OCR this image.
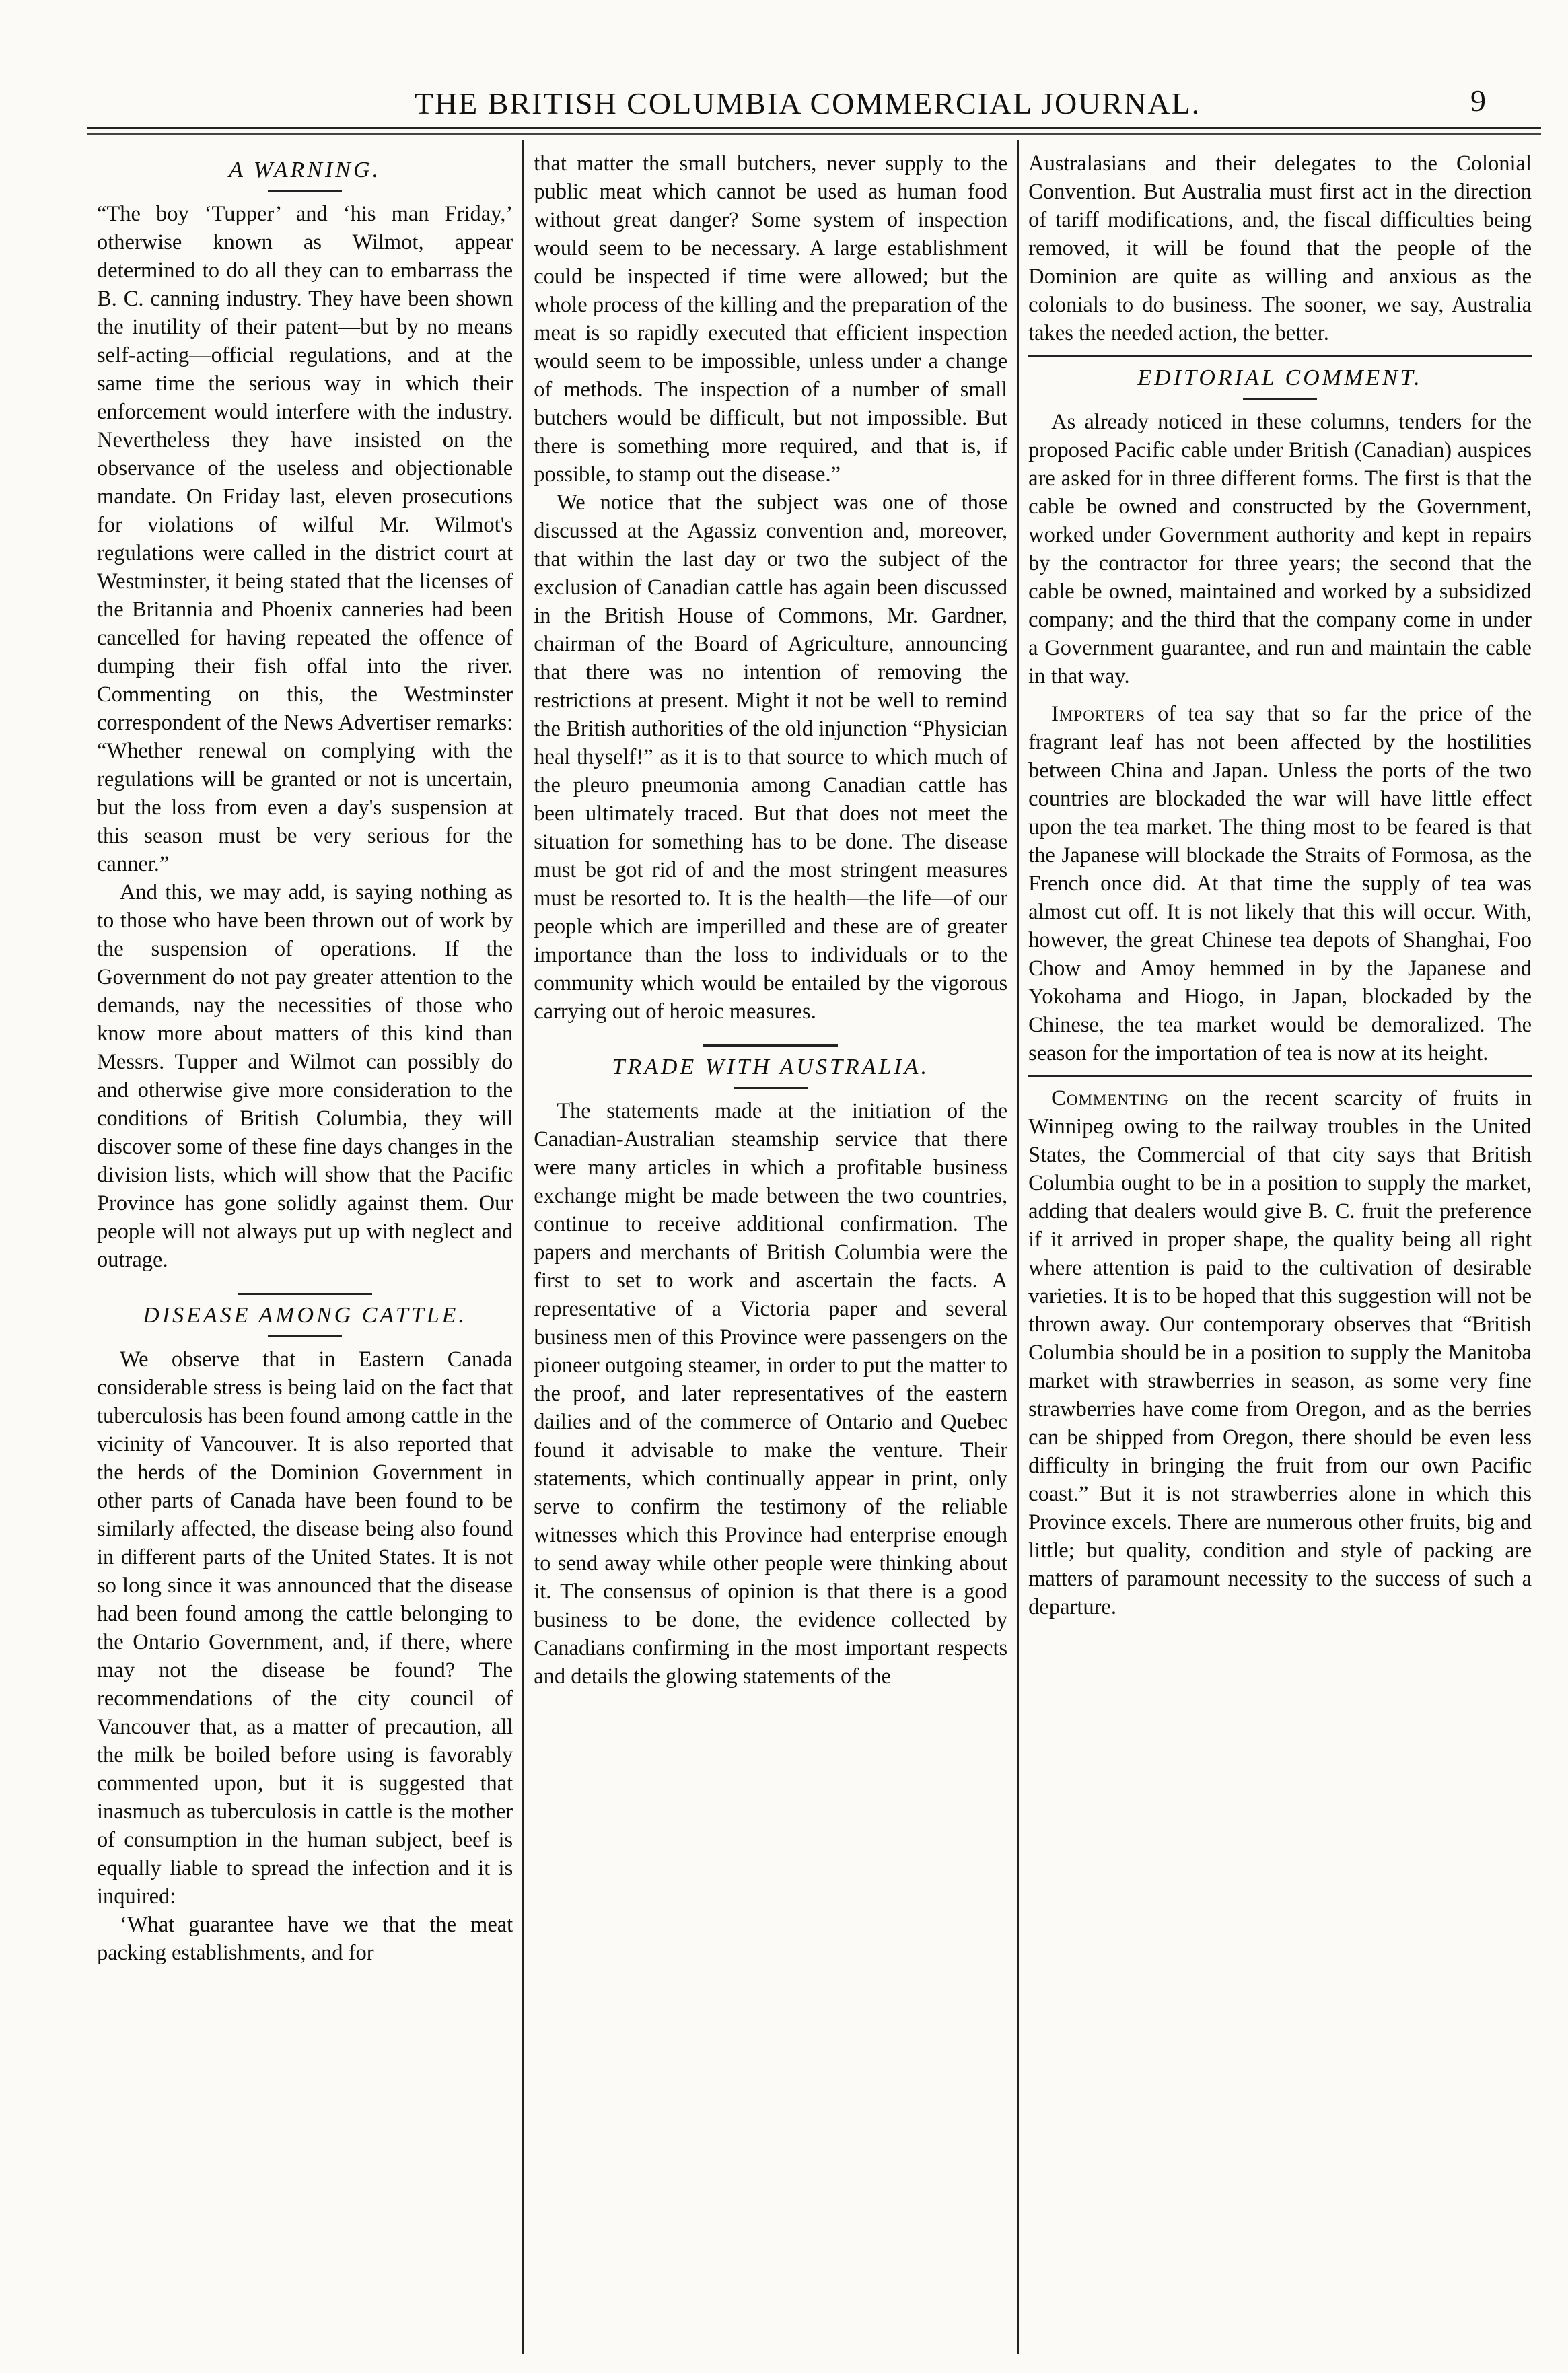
THE BRITISH COLUMBIA COMMERCIAL JOURNAL.	9
A WARNING.

“The boy ‘Tupper’ and ‘his man Friday,’ otherwise known as Wilmot, appear determined to do all they can to embarrass the B. C. canning industry. They have been shown the inutility of their patent—but by no means self-acting—official regulations, and at the same time the serious way in which their enforcement would interfere with the industry. Nevertheless they have insisted on the observance of the useless and objectionable mandate. On Friday last, eleven prosecutions for violations of wilful Mr. Wilmot's regulations were called in the district court at Westminster, it being stated that the licenses of the Britannia and Phoenix canneries had been cancelled for having repeated the offence of dumping their fish offal into the river. Commenting on this, the Westminster correspondent of the News Advertiser remarks: “Whether renewal on complying with the regulations will be granted or not is uncertain, but the loss from even a day's suspension at this season must be very serious for the canner.”

And this, we may add, is saying nothing as to those who have been thrown out of work by the suspension of operations. If the Government do not pay greater attention to the demands, nay the necessities of those who know more about matters of this kind than Messrs. Tupper and Wilmot can possibly do and otherwise give more consideration to the conditions of British Columbia, they will discover some of these fine days changes in the division lists, which will show that the Pacific Province has gone solidly against them. Our people will not always put up with neglect and outrage.

DISEASE AMONG CATTLE.

We observe that in Eastern Canada considerable stress is being laid on the fact that tuberculosis has been found among cattle in the vicinity of Vancouver. It is also reported that the herds of the Dominion Government in other parts of Canada have been found to be similarly affected, the disease being also found in different parts of the United States. It is not so long since it was announced that the disease had been found among the cattle belonging to the Ontario Government, and, if there, where may not the disease be found? The recommendations of the city council of Vancouver that, as a matter of precaution, all the milk be boiled before using is favorably commented upon, but it is suggested that inasmuch as tuberculosis in cattle is the mother of consumption in the human subject, beef is equally liable to spread the infection and it is inquired:

‘What guarantee have we that the meat packing establishments, and for

that matter the small butchers, never supply to the public meat which cannot be used as human food without great danger? Some system of inspection would seem to be necessary. A large establishment could be inspected if time were allowed; but the whole process of the killing and the preparation of the meat is so rapidly executed that efficient inspection would seem to be impossible, unless under a change of methods. The inspection of a number of small butchers would be difficult, but not impossible. But there is something more required, and that is, if possible, to stamp out the disease.”

We notice that the subject was one of those discussed at the Agassiz convention and, moreover, that within the last day or two the subject of the exclusion of Canadian cattle has again been discussed in the British House of Commons, Mr. Gardner, chairman of the Board of Agriculture, announcing that there was no intention of removing the restrictions at present. Might it not be well to remind the British authorities of the old injunction “Physician heal thyself!” as it is to that source to which much of the pleuro pneumonia among Canadian cattle has been ultimately traced. But that does not meet the situation for something has to be done. The disease must be got rid of and the most stringent measures must be resorted to. It is the health—the life—of our people which are imperilled and these are of greater importance than the loss to individuals or to the community which would be entailed by the vigorous carrying out of heroic measures.

TRADE WITH AUSTRALIA.

The statements made at the initiation of the Canadian-Australian steamship service that there were many articles in which a profitable business exchange might be made between the two countries, continue to receive additional confirmation. The papers and merchants of British Columbia were the first to set to work and ascertain the facts. A representative of a Victoria paper and several business men of this Province were passengers on the pioneer outgoing steamer, in order to put the matter to the proof, and later representatives of the eastern dailies and of the commerce of Ontario and Quebec found it advisable to make the venture. Their statements, which continually appear in print, only serve to confirm the testimony of the reliable witnesses which this Province had enterprise enough to send away while other people were thinking about it. The consensus of opinion is that there is a good business to be done, the evidence collected by Canadians confirming in the most important respects and details the glowing statements of the

Australasians and their delegates to the Colonial Convention. But Australia must first act in the direction of tariff modifications, and, the fiscal difficulties being removed, it will be found that the people of the Dominion are quite as willing and anxious as the colonials to do business. The sooner, we say, Australia takes the needed action, the better.

EDITORIAL COMMENT.

As already noticed in these columns, tenders for the proposed Pacific cable under British (Canadian) auspices are asked for in three different forms. The first is that the cable be owned and constructed by the Government, worked under Government authority and kept in repairs by the contractor for three years; the second that the cable be owned, maintained and worked by a subsidized company; and the third that the company come in under a Government guarantee, and run and maintain the cable in that way.

Importers of tea say that so far the price of the fragrant leaf has not been affected by the hostilities between China and Japan. Unless the ports of the two countries are blockaded the war will have little effect upon the tea market. The thing most to be feared is that the Japanese will blockade the Straits of Formosa, as the French once did. At that time the supply of tea was almost cut off. It is not likely that this will occur. With, however, the great Chinese tea depots of Shanghai, Foo Chow and Amoy hemmed in by the Japanese and Yokohama and Hiogo, in Japan, blockaded by the Chinese, the tea market would be demoralized. The season for the importation of tea is now at its height.

Commenting on the recent scarcity of fruits in Winnipeg owing to the railway troubles in the United States, the Commercial of that city says that British Columbia ought to be in a position to supply the market, adding that dealers would give B. C. fruit the preference if it arrived in proper shape, the quality being all right where attention is paid to the cultivation of desirable varieties. It is to be hoped that this suggestion will not be thrown away. Our contemporary observes that “British Columbia should be in a position to supply the Manitoba market with strawberries in season, as some very fine strawberries have come from Oregon, and as the berries can be shipped from Oregon, there should be even less difficulty in bringing the fruit from our own Pacific coast.” But it is not strawberries alone in which this Province excels. There are numerous other fruits, big and little; but quality, condition and style of packing are matters of paramount necessity to the success of such a departure.
